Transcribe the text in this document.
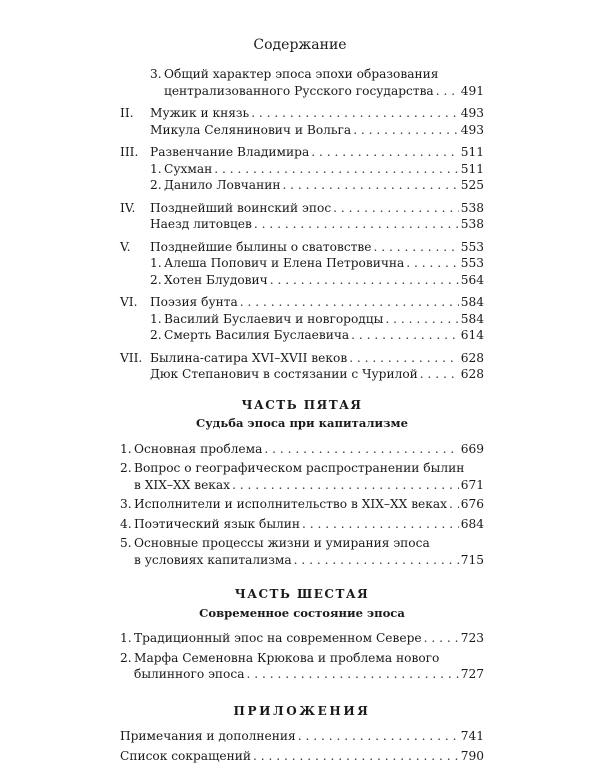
Содержание
3. Общий характер эпоса эпохи образования
централизованного Русского государства . . . 491
II.	Мужик и князь . . .	493
Микула Селянинович и Вольга . . .	493
III. Развенчание Владимира . . .	511
1. Сухман . . .	511
2. Данило Ловчанин . . .	525
IV.	Позднейший воинский эпос . . .	538
Наезд литовцев . . .	538
V.	Позднейшие былины о сватовстве . . .	553
1. Алеша Попович и Елена Петровична . . .	553
2. Хотен Блудович . . .	564
VI.	Поэзия бунта . . .	584
1. Василий Буслаевич и новгородцы . . .	584
2. Смерть Василия Буслаевича . . .	614
VII. Былина-сатира XVI–XVII веков . . .	628
Дюк Степанович в состязании с Чурилой . . .	628
ЧАСТЬ ПЯТАЯ
Судьба эпоса при капитализме
1. Основная проблема . . .	669
2. Вопрос о географическом распространении былин
в XIX–XX веках . . .	671
3. Исполнители и исполнительство в XIX–XX веках . . . 676
4. Поэтический язык былин . . .	684
5. Основные процессы жизни и умирания эпоса
в условиях капитализма . . .	715
ЧАСТЬ ШЕСТАЯ
Современное состояние эпоса
1. Традиционный эпос на современном Севере . . .	723
2. Марфа Семеновна Крюкова и проблема нового
былинного эпоса . . .	727
ПРИЛОЖЕНИЯ
Примечания и дополнения . . .	741
Список сокращений . . .	790
